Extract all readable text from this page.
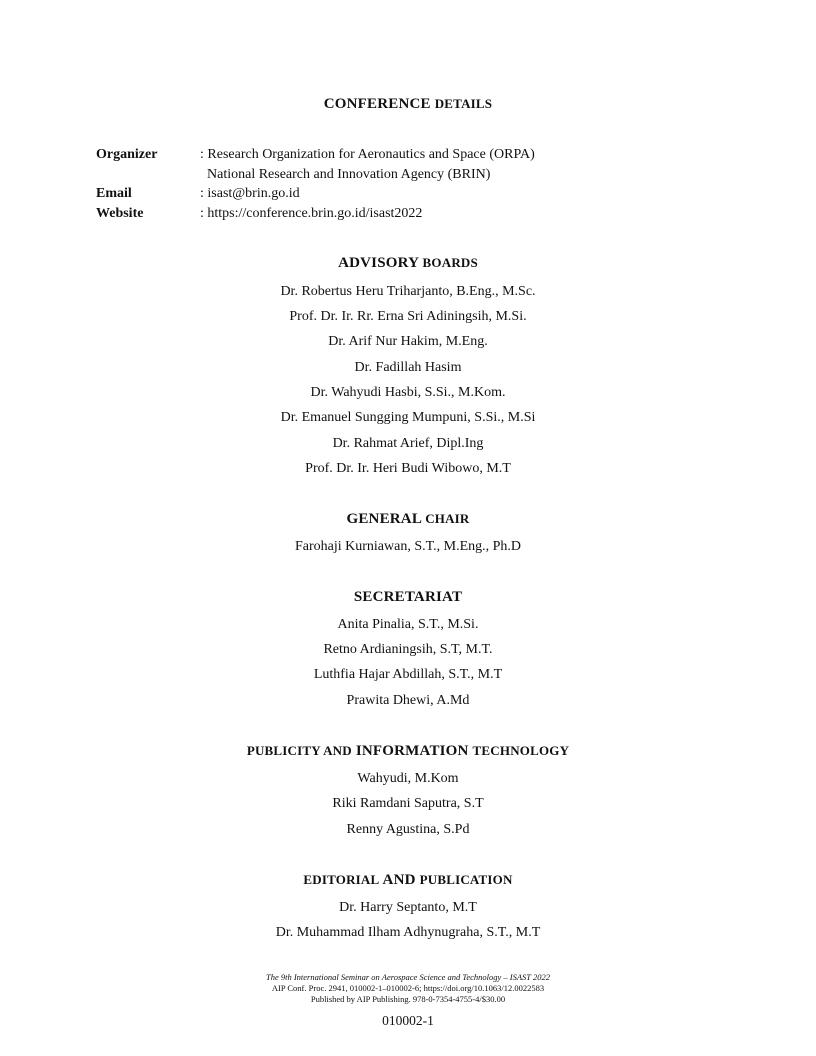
CONFERENCE DETAILS
Organizer	: Research Organization for Aeronautics and Space (ORPA)
National Research and Innovation Agency (BRIN)
Email	: isast@brin.go.id
Website	: https://conference.brin.go.id/isast2022
ADVISORY BOARDS
Dr. Robertus Heru Triharjanto, B.Eng., M.Sc.
Prof. Dr. Ir. Rr. Erna Sri Adiningsih, M.Si.
Dr. Arif Nur Hakim, M.Eng.
Dr. Fadillah Hasim
Dr. Wahyudi Hasbi, S.Si., M.Kom.
Dr. Emanuel Sungging Mumpuni, S.Si., M.Si
Dr. Rahmat Arief, Dipl.Ing
Prof. Dr. Ir. Heri Budi Wibowo, M.T
GENERAL CHAIR
Farohaji Kurniawan, S.T., M.Eng., Ph.D
SECRETARIAT
Anita Pinalia, S.T., M.Si.
Retno Ardianingsih, S.T, M.T.
Luthfia Hajar Abdillah, S.T., M.T
Prawita Dhewi, A.Md
PUBLICITY AND INFORMATION TECHNOLOGY
Wahyudi, M.Kom
Riki Ramdani Saputra, S.T
Renny Agustina, S.Pd
EDITORIAL AND PUBLICATION
Dr. Harry Septanto, M.T
Dr. Muhammad Ilham Adhynugraha, S.T., M.T
The 9th International Seminar on Aerospace Science and Technology – ISAST 2022
AIP Conf. Proc. 2941, 010002-1–010002-6; https://doi.org/10.1063/12.0022583
Published by AIP Publishing. 978-0-7354-4755-4/$30.00
010002-1
